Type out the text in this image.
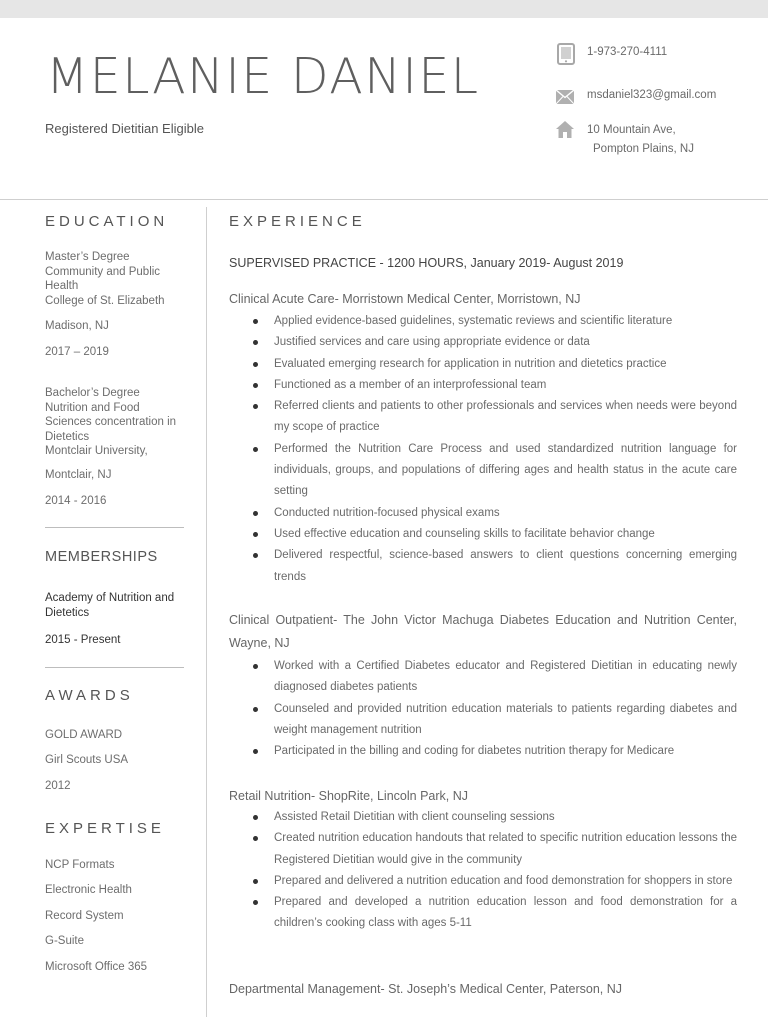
MELANIE DANIEL
Registered Dietitian Eligible
1-973-270-4111
msdaniel323@gmail.com
10 Mountain Ave,
Pompton Plains, NJ
EDUCATION
Master’s Degree
Community and Public Health
College of St. Elizabeth
Madison, NJ
2017 – 2019
Bachelor’s Degree
Nutrition and Food Sciences concentration in Dietetics
Montclair University,
Montclair, NJ
2014 - 2016
MEMBERSHIPS
Academy of Nutrition and Dietetics
2015 - Present
AWARDS
GOLD AWARD
Girl Scouts USA
2012
EXPERTISE
NCP Formats
Electronic Health
Record System
G-Suite
Microsoft Office 365
EXPERIENCE
SUPERVISED PRACTICE - 1200 HOURS, January 2019- August 2019
Clinical Acute Care- Morristown Medical Center, Morristown, NJ
Applied evidence-based guidelines, systematic reviews and scientific literature
Justified services and care using appropriate evidence or data
Evaluated emerging research for application in nutrition and dietetics practice
Functioned as a member of an interprofessional team
Referred clients and patients to other professionals and services when needs were beyond my scope of practice
Performed the Nutrition Care Process and used standardized nutrition language for individuals, groups, and populations of differing ages and health status in the acute care setting
Conducted nutrition-focused physical exams
Used effective education and counseling skills to facilitate behavior change
Delivered respectful, science-based answers to client questions concerning emerging trends
Clinical Outpatient- The John Victor Machuga Diabetes Education and Nutrition Center, Wayne, NJ
Worked with a Certified Diabetes educator and Registered Dietitian in educating newly diagnosed diabetes patients
Counseled and provided nutrition education materials to patients regarding diabetes and weight management nutrition
Participated in the billing and coding for diabetes nutrition therapy for Medicare
Retail Nutrition- ShopRite, Lincoln Park, NJ
Assisted Retail Dietitian with client counseling sessions
Created nutrition education handouts that related to specific nutrition education lessons the Registered Dietitian would give in the community
Prepared and delivered a nutrition education and food demonstration for shoppers in store
Prepared and developed a nutrition education lesson and food demonstration for a children’s cooking class with ages 5-11
Departmental Management- St. Joseph’s Medical Center, Paterson, NJ
